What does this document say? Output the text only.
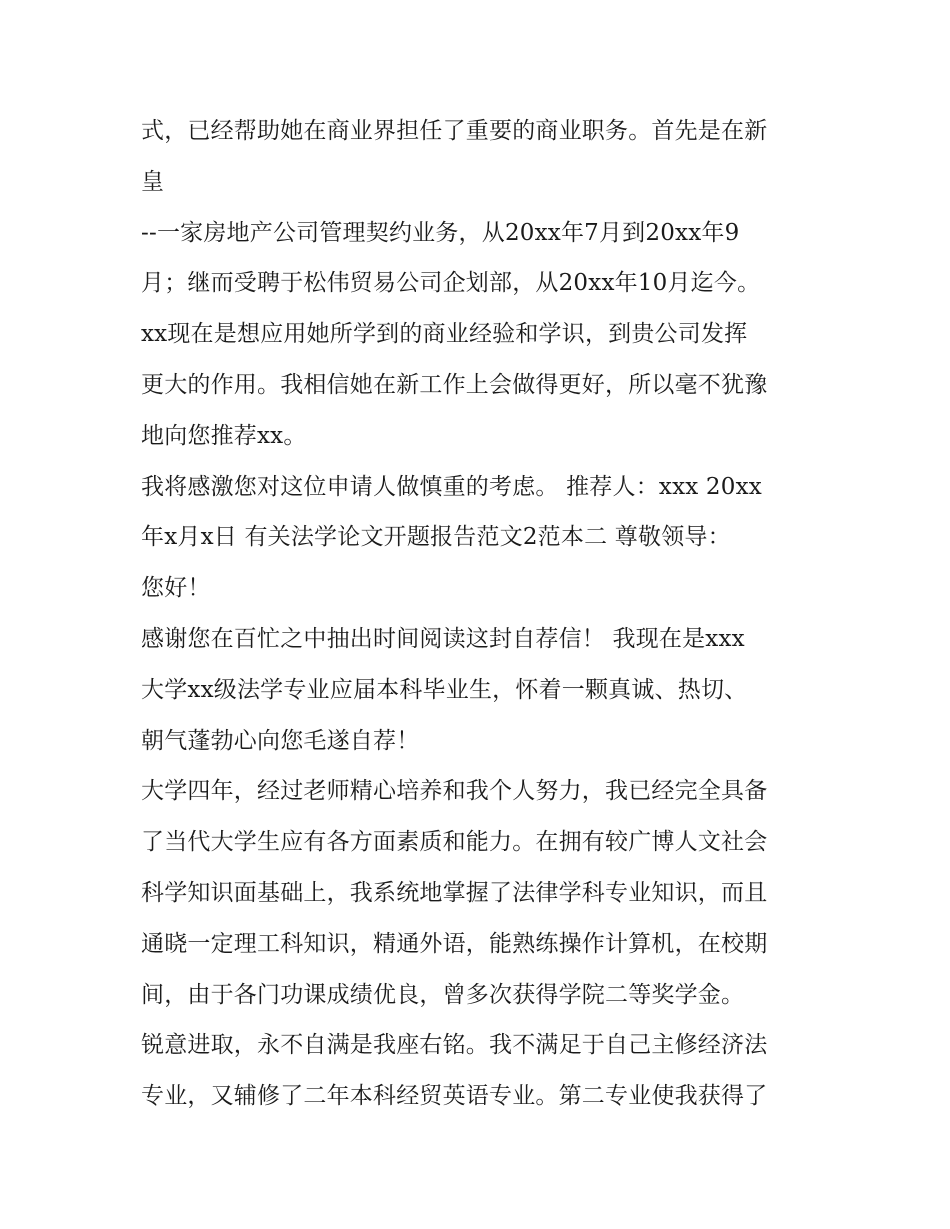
式，已经帮助她在商业界担任了重要的商业职务。首先是在新
皇
--一家房地产公司管理契约业务，从20xx年7月到20xx年9
月；继而受聘于松伟贸易公司企划部，从20xx年10月迄今。
xx现在是想应用她所学到的商业经验和学识，到贵公司发挥
更大的作用。我相信她在新工作上会做得更好，所以毫不犹豫
地向您推荐xx。
我将感激您对这位申请人做慎重的考虑。 推荐人：xxx 20xx
年x月x日 有关法学论文开题报告范文2范本二 尊敬领导：
您好！
感谢您在百忙之中抽出时间阅读这封自荐信！ 我现在是xxx
大学xx级法学专业应届本科毕业生，怀着一颗真诚、热切、
朝气蓬勃心向您毛遂自荐！
大学四年，经过老师精心培养和我个人努力，我已经完全具备
了当代大学生应有各方面素质和能力。在拥有较广博人文社会
科学知识面基础上，我系统地掌握了法律学科专业知识，而且
通晓一定理工科知识，精通外语，能熟练操作计算机，在校期
间，由于各门功课成绩优良，曾多次获得学院二等奖学金。
锐意进取，永不自满是我座右铭。我不满足于自己主修经济法
专业，又辅修了二年本科经贸英语专业。第二专业使我获得了
